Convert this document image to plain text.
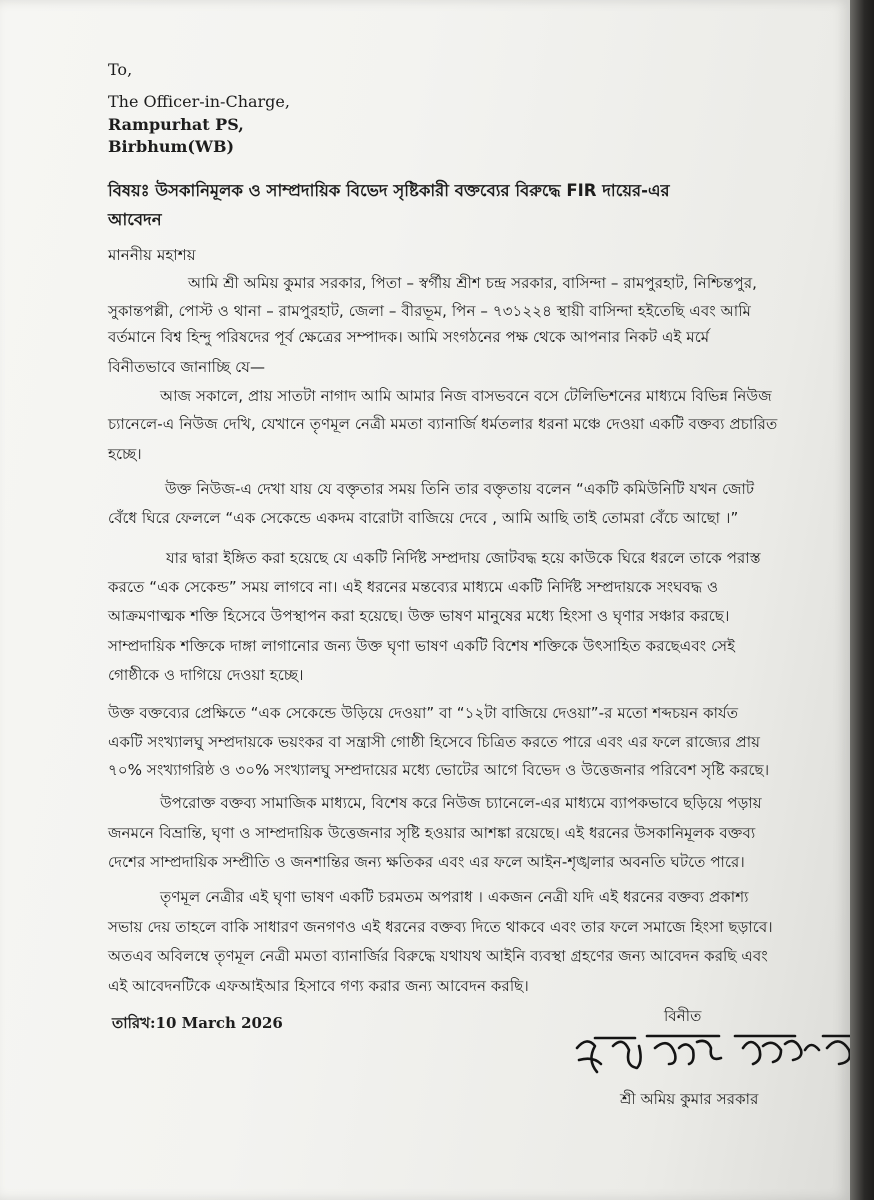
To,
The Officer-in-Charge,
Rampurhat PS,
Birbhum(WB)
বিষয়ঃ উসকানিমূলক ও সাম্প্রদায়িক বিভেদ সৃষ্টিকারী বক্তব্যের বিরুদ্ধে FIR দায়ের-এর
আবেদন
মাননীয় মহাশয়
আমি শ্রী অমিয় কুমার সরকার, পিতা – স্বর্গীয় শ্রীশ চন্দ্র সরকার, বাসিন্দা – রামপুরহাট, নিশ্চিন্তপুর,
সুকান্তপল্লী, পোস্ট ও থানা – রামপুরহাট, জেলা – বীরভূম, পিন – ৭৩১২২৪ স্থায়ী বাসিন্দা হইতেছি এবং আমি
বর্তমানে বিশ্ব হিন্দু পরিষদের পূর্ব ক্ষেত্রের সম্পাদক। আমি সংগঠনের পক্ষ থেকে আপনার নিকট এই মর্মে
বিনীতভাবে জানাচ্ছি যে—
আজ সকালে, প্রায় সাতটা নাগাদ আমি আমার নিজ বাসভবনে বসে টেলিভিশনের মাধ্যমে বিভিন্ন নিউজ
চ্যানেলে-এ নিউজ দেখি, যেখানে তৃণমূল নেত্রী মমতা ব্যানার্জি ধর্মতলার ধরনা মঞ্চে দেওয়া একটি বক্তব্য প্রচারিত
হচ্ছে।
উক্ত নিউজ-এ দেখা যায় যে বক্তৃতার সময় তিনি তার বক্তৃতায় বলেন “একটি কমিউনিটি যখন জোট
বেঁধে ঘিরে ফেললে “এক সেকেন্ডে একদম বারোটা বাজিয়ে দেবে , আমি আছি তাই তোমরা বেঁচে আছো ।”
যার দ্বারা ইঙ্গিত করা হয়েছে যে একটি নির্দিষ্ট সম্প্রদায় জোটবদ্ধ হয়ে কাউকে ঘিরে ধরলে তাকে পরাস্ত
করতে “এক সেকেন্ড” সময় লাগবে না। এই ধরনের মন্তব্যের মাধ্যমে একটি নির্দিষ্ট সম্প্রদায়কে সংঘবদ্ধ ও
আক্রমণাত্মক শক্তি হিসেবে উপস্থাপন করা হয়েছে। উক্ত ভাষণ মানুষের মধ্যে হিংসা ও ঘৃণার সঞ্চার করছে।
সাম্প্রদায়িক শক্তিকে দাঙ্গা লাগানোর জন্য উক্ত ঘৃণা ভাষণ একটি বিশেষ শক্তিকে উৎসাহিত করছেএবং সেই
গোষ্ঠীকে ও দাগিয়ে দেওয়া হচ্ছে।
উক্ত বক্তব্যের প্রেক্ষিতে “এক সেকেন্ডে উড়িয়ে দেওয়া” বা “১২টা বাজিয়ে দেওয়া”-র মতো শব্দচয়ন কার্যত
একটি সংখ্যালঘু সম্প্রদায়কে ভয়ংকর বা সন্ত্রাসী গোষ্ঠী হিসেবে চিত্রিত করতে পারে এবং এর ফলে রাজ্যের প্রায়
৭০% সংখ্যাগরিষ্ঠ ও ৩০% সংখ্যালঘু সম্প্রদায়ের মধ্যে ভোটের আগে বিভেদ ও উত্তেজনার পরিবেশ সৃষ্টি করছে।
উপরোক্ত বক্তব্য সামাজিক মাধ্যমে, বিশেষ করে নিউজ চ্যানেলে-এর মাধ্যমে ব্যাপকভাবে ছড়িয়ে পড়ায়
জনমনে বিভ্রান্তি, ঘৃণা ও সাম্প্রদায়িক উত্তেজনার সৃষ্টি হওয়ার আশঙ্কা রয়েছে। এই ধরনের উসকানিমূলক বক্তব্য
দেশের সাম্প্রদায়িক সম্প্রীতি ও জনশান্তির জন্য ক্ষতিকর এবং এর ফলে আইন-শৃঙ্খলার অবনতি ঘটতে পারে।
তৃণমূল নেত্রীর এই ঘৃণা ভাষণ একটি চরমতম অপরাধ । একজন নেত্রী যদি এই ধরনের বক্তব্য প্রকাশ্য
সভায় দেয় তাহলে বাকি সাধারণ জনগণও এই ধরনের বক্তব্য দিতে থাকবে এবং তার ফলে সমাজে হিংসা ছড়াবে।
অতএব অবিলম্বে তৃণমূল নেত্রী মমতা ব্যানার্জির বিরুদ্ধে যথাযথ আইনি ব্যবস্থা গ্রহণের জন্য আবেদন করছি এবং
এই আবেদনটিকে এফআইআর হিসাবে গণ্য করার জন্য আবেদন করছি।
বিনীত
তারিখ:10 March 2026
শ্রী অমিয় কুমার সরকার
